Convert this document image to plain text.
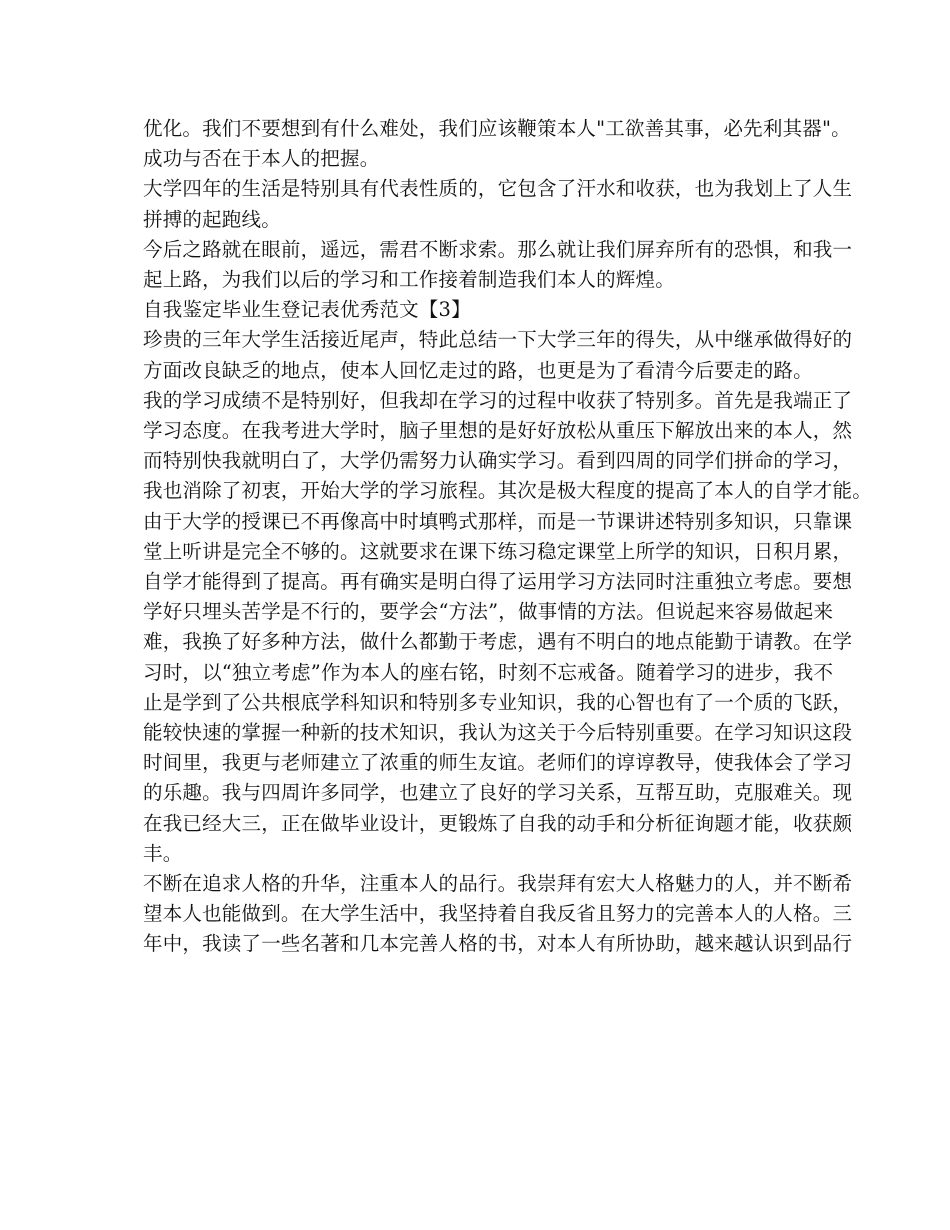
优化。我们不要想到有什么难处，我们应该鞭策本人"工欲善其事，必先利其器"。
成功与否在于本人的把握。
大学四年的生活是特别具有代表性质的，它包含了汗水和收获，也为我划上了人生
拼搏的起跑线。
今后之路就在眼前，遥远，需君不断求索。那么就让我们屏弃所有的恐惧，和我一
起上路，为我们以后的学习和工作接着制造我们本人的辉煌。
自我鉴定毕业生登记表优秀范文【3】
珍贵的三年大学生活接近尾声，特此总结一下大学三年的得失，从中继承做得好的
方面改良缺乏的地点，使本人回忆走过的路，也更是为了看清今后要走的路。
我的学习成绩不是特别好，但我却在学习的过程中收获了特别多。首先是我端正了
学习态度。在我考进大学时，脑子里想的是好好放松从重压下解放出来的本人，然
而特别快我就明白了，大学仍需努力认确实学习。看到四周的同学们拼命的学习，
我也消除了初衷，开始大学的学习旅程。其次是极大程度的提高了本人的自学才能。
由于大学的授课已不再像高中时填鸭式那样，而是一节课讲述特别多知识，只靠课
堂上听讲是完全不够的。这就要求在课下练习稳定课堂上所学的知识，日积月累，
自学才能得到了提高。再有确实是明白得了运用学习方法同时注重独立考虑。要想
学好只埋头苦学是不行的，要学会“方法”，做事情的方法。但说起来容易做起来
难，我换了好多种方法，做什么都勤于考虑，遇有不明白的地点能勤于请教。在学
习时，以“独立考虑”作为本人的座右铭，时刻不忘戒备。随着学习的进步，我不
止是学到了公共根底学科知识和特别多专业知识，我的心智也有了一个质的飞跃，
能较快速的掌握一种新的技术知识，我认为这关于今后特别重要。在学习知识这段
时间里，我更与老师建立了浓重的师生友谊。老师们的谆谆教导，使我体会了学习
的乐趣。我与四周许多同学，也建立了良好的学习关系，互帮互助，克服难关。现
在我已经大三，正在做毕业设计，更锻炼了自我的动手和分析征询题才能，收获颇
丰。
不断在追求人格的升华，注重本人的品行。我崇拜有宏大人格魅力的人，并不断希
望本人也能做到。在大学生活中，我坚持着自我反省且努力的完善本人的人格。三
年中，我读了一些名著和几本完善人格的书，对本人有所协助，越来越认识到品行
